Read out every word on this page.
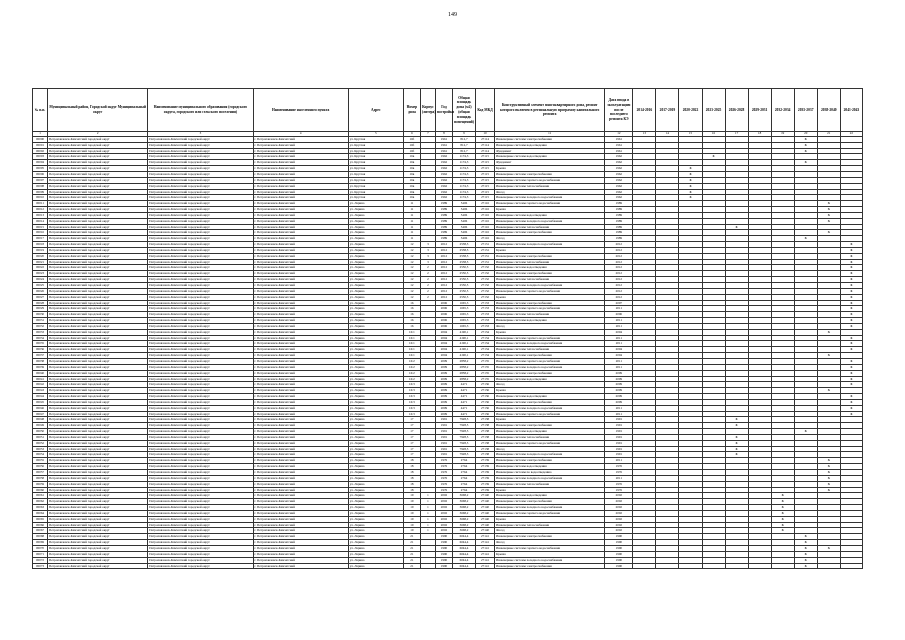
149
№ п.п.	Муниципальный район, Городской округ Муниципальный округ	Наименование муниципального образования (городского округа, городского или сельского поселения)	Наименование населенного пункта	Адрес	Номер дома	Корпус (литера)	Год постройки	Общая площадь дома (м2) (общая площадь помещений)	Код МКД	Конструктивный элемент многоквартирного дома, ремонт которого включен в региональную программу капитального ремонта	Дата ввода в эксплуатацию после последнего ремонта КЭ	2014-2016	2017-2019	2020-2022	2023-2025	2026-2028	2029-2031	2032-2034	2035-2037	2038-2040	2041-2043
1	2	3	4	5	6	7	8	9	10	11	12	13	14	15	16	17	18	19	20	21	22
00000	Петропавловск-Камчатский городской округ	Петропавловск-Камчатский городской округ	г. Петропавловск-Камчатский	ул. Круглая	16б		1961	812,7	27114	Инженерные системы электроснабжения	1961								X		
00001	Петропавловск-Камчатский городской округ	Петропавловск-Камчатский городской округ	г. Петропавловск-Камчатский	ул. Круглая	16б		1961	812,7	27114	Инженерные системы водоотведения	1961								X		
00002	Петропавловск-Камчатский городской округ	Петропавловск-Камчатский городской округ	г. Петропавловск-Камчатский	ул. Круглая	16б		1961	812,7	27114	Фундамент	1961								X		
00003	Петропавловск-Камчатский городской округ	Петропавловск-Камчатский городской округ	г. Петропавловск-Камчатский	ул. Круглая	16в		1962	1174,3	27115	Инженерные системы водоотведения	1962				X						
00004	Петропавловск-Камчатский городской округ	Петропавловск-Камчатский городской округ	г. Петропавловск-Камчатский	ул. Круглая	16в		1962	1174,3	27115	Фундамент	1962								X		
00005	Петропавловск-Камчатский городской округ	Петропавловск-Камчатский городской округ	г. Петропавловск-Камчатский	ул. Круглая	16в		1962	1174,3	27115	Крыша	1962			X							
00006	Петропавловск-Камчатский городской округ	Петропавловск-Камчатский городской округ	г. Петропавловск-Камчатский	ул. Круглая	16в		1962	1174,3	27115	Инженерные системы электроснабжения	1962			X							
00007	Петропавловск-Камчатский городской округ	Петропавловск-Камчатский городской округ	г. Петропавловск-Камчатский	ул. Круглая	16в		1962	1174,3	27115	Инженерные системы горячего водоснабжения	1962			X							
00008	Петропавловск-Камчатский городской округ	Петропавловск-Камчатский городской округ	г. Петропавловск-Камчатский	ул. Круглая	16в		1962	1174,3	27115	Инженерные системы теплоснабжения	1962			X							
00009	Петропавловск-Камчатский городской округ	Петропавловск-Камчатский городской округ	г. Петропавловск-Камчатский	ул. Круглая	16в		1962	1174,3	27115	Фасад	1962			X							
00010	Петропавловск-Камчатский городской округ	Петропавловск-Камчатский городской округ	г. Петропавловск-Камчатский	ул. Круглая	16в		1962	1174,3	27115	Инженерные системы холодного водоснабжения	1962			X							
00011	Петропавловск-Камчатский городской округ	Петропавловск-Камчатский городской округ	г. Петропавловск-Камчатский	ул. Ларина	11		1989	5406	27116	Инженерные системы горячего водоснабжения	1989									X	
00012	Петропавловск-Камчатский городской округ	Петропавловск-Камчатский городской округ	г. Петропавловск-Камчатский	ул. Ларина	11		1989	5406	27116	Крыша	1989									X	
00013	Петропавловск-Камчатский городской округ	Петропавловск-Камчатский городской округ	г. Петропавловск-Камчатский	ул. Ларина	11		1989	5406	27116	Инженерные системы водоотведения	1989									X	
00014	Петропавловск-Камчатский городской округ	Петропавловск-Камчатский городской округ	г. Петропавловск-Камчатский	ул. Ларина	11		1989	5406	27116	Инженерные системы холодного водоснабжения	1989									X	
00015	Петропавловск-Камчатский городской округ	Петропавловск-Камчатский городской округ	г. Петропавловск-Камчатский	ул. Ларина	11		1989	5406	27116	Инженерные системы теплоснабжения	1989					X					
00016	Петропавловск-Камчатский городской округ	Петропавловск-Камчатский городской округ	г. Петропавловск-Камчатский	ул. Ларина	11		1989	5406	27116	Инженерные системы электроснабжения	1989									X	
00017	Петропавловск-Камчатский городской округ	Петропавловск-Камчатский городской округ	г. Петропавловск-Камчатский	ул. Ларина	11		1989	5406	27116	Фасад	1989								X		
00018	Петропавловск-Камчатский городской округ	Петропавловск-Камчатский городской округ	г. Петропавловск-Камчатский	ул. Ларина	12	3	2012	2538,5	27131	Инженерные системы холодного водоснабжения	2012										X
00019	Петропавловск-Камчатский городской округ	Петропавловск-Камчатский городской округ	г. Петропавловск-Камчатский	ул. Ларина	12	3	2012	2538,5	27131	Крыша	2012										X
00020	Петропавловск-Камчатский городской округ	Петропавловск-Камчатский городской округ	г. Петропавловск-Камчатский	ул. Ларина	12	3	2012	2538,5	27131	Инженерные системы электроснабжения	2012										X
00021	Петропавловск-Камчатский городской округ	Петропавловск-Камчатский городской округ	г. Петропавловск-Камчатский	ул. Ларина	12	3	2012	2538,5	27131	Инженерные системы теплоснабжения	2012										X
00022	Петропавловск-Камчатский городской округ	Петропавловск-Камчатский городской округ	г. Петропавловск-Камчатский	ул. Ларина	12	2	2012	2550,5	27132	Инженерные системы водоотведения	2012										X
00023	Петропавловск-Камчатский городской округ	Петропавловск-Камчатский городской округ	г. Петропавловск-Камчатский	ул. Ларина	12	2	2012	2550,5	27132	Инженерные системы электроснабжения	2012										X
00024	Петропавловск-Камчатский городской округ	Петропавловск-Камчатский городской округ	г. Петропавловск-Камчатский	ул. Ларина	12	2	2012	2550,5	27132	Инженерные системы теплоснабжения	2012										X
00025	Петропавловск-Камчатский городской округ	Петропавловск-Камчатский городской округ	г. Петропавловск-Камчатский	ул. Ларина	12	2	2012	2550,5	27132	Инженерные системы холодного водоснабжения	2012										X
00026	Петропавловск-Камчатский городской округ	Петропавловск-Камчатский городской округ	г. Петропавловск-Камчатский	ул. Ларина	12	2	2012	2550,5	27132	Инженерные системы горячего водоснабжения	2012										X
00027	Петропавловск-Камчатский городской округ	Петропавловск-Камчатский городской округ	г. Петропавловск-Камчатский	ул. Ларина	12	2	2012	2550,5	27132	Крыша	2012										X
00028	Петропавловск-Камчатский городской округ	Петропавловск-Камчатский городской округ	г. Петропавловск-Камчатский	ул. Ларина	16		2006	1665,3	27133	Инженерные системы электроснабжения	2007										X
00029	Петропавловск-Камчатский городской округ	Петропавловск-Камчатский городской округ	г. Петропавловск-Камчатский	ул. Ларина	16		2006	1665,3	27133	Инженерные системы горячего водоснабжения	2011										X
00030	Петропавловск-Камчатский городской округ	Петропавловск-Камчатский городской округ	г. Петропавловск-Камчатский	ул. Ларина	16		2006	1665,3	27133	Инженерные системы теплоснабжения	2006										X
00031	Петропавловск-Камчатский городской округ	Петропавловск-Камчатский городской округ	г. Петропавловск-Камчатский	ул. Ларина	16		2006	1665,3	27133	Инженерные системы водоотведения	2011										X
00032	Петропавловск-Камчатский городской округ	Петропавловск-Камчатский городской округ	г. Петропавловск-Камчатский	ул. Ларина	16		2006	1665,3	27133	Фасад	2011										X
00033	Петропавловск-Камчатский городской округ	Петропавловск-Камчатский городской округ	г. Петропавловск-Камчатский	ул. Ларина	16/1		2004	4190,1	27134	Крыша	2004									X	
00034	Петропавловск-Камчатский городской округ	Петропавловск-Камчатский городской округ	г. Петропавловск-Камчатский	ул. Ларина	16/1		2004	4190,1	27134	Инженерные системы горячего водоснабжения	2011										X
00035	Петропавловск-Камчатский городской округ	Петропавловск-Камчатский городской округ	г. Петропавловск-Камчатский	ул. Ларина	16/1		2004	4190,1	27134	Инженерные системы холодного водоснабжения	2011										X
00036	Петропавловск-Камчатский городской округ	Петропавловск-Камчатский городской округ	г. Петропавловск-Камчатский	ул. Ларина	16/1		2004	4190,1	27134	Инженерные системы теплоснабжения	2004										X
00037	Петропавловск-Камчатский городской округ	Петропавловск-Камчатский городской округ	г. Петропавловск-Камчатский	ул. Ларина	16/1		2004	4190,1	27134	Инженерные системы электроснабжения	2004									X	
00038	Петропавловск-Камчатский городской округ	Петропавловск-Камчатский городской округ	г. Петропавловск-Камчатский	ул. Ларина	16/2		2009	2858,2	27135	Инженерные системы горячего водоснабжения	2011										X
00039	Петропавловск-Камчатский городской округ	Петропавловск-Камчатский городской округ	г. Петропавловск-Камчатский	ул. Ларина	16/2		2009	2858,2	27135	Инженерные системы холодного водоснабжения	2011										X
00040	Петропавловск-Камчатский городской округ	Петропавловск-Камчатский городской округ	г. Петропавловск-Камчатский	ул. Ларина	16/2		2009	2858,2	27135	Инженерные системы электроснабжения	2009										X
00041	Петропавловск-Камчатский городской округ	Петропавловск-Камчатский городской округ	г. Петропавловск-Камчатский	ул. Ларина	16/2		2009	2858,2	27135	Инженерные системы водоотведения	2009										X
00042	Петропавловск-Камчатский городской округ	Петропавловск-Камчатский городской округ	г. Петропавловск-Камчатский	ул. Ларина	16/3		2009	4471	27136	Фасад	2009										X
00043	Петропавловск-Камчатский городской округ	Петропавловск-Камчатский городской округ	г. Петропавловск-Камчатский	ул. Ларина	16/3		2009	4471	27136	Крыша	2009									X	
00044	Петропавловск-Камчатский городской округ	Петропавловск-Камчатский городской округ	г. Петропавловск-Камчатский	ул. Ларина	16/3		2009	4471	27136	Инженерные системы водоотведения	2009										X
00045	Петропавловск-Камчатский городской округ	Петропавловск-Камчатский городской округ	г. Петропавловск-Камчатский	ул. Ларина	16/3		2009	4471	27136	Инженерные системы электроснабжения	2009										X
00046	Петропавловск-Камчатский городской округ	Петропавловск-Камчатский городской округ	г. Петропавловск-Камчатский	ул. Ларина	16/3		2009	4471	27136	Инженерные системы холодного водоснабжения	2011										X
00047	Петропавловск-Камчатский городской округ	Петропавловск-Камчатский городской округ	г. Петропавловск-Камчатский	ул. Ларина	16/3		2009	4471	27136	Инженерные системы горячего водоснабжения	2011										X
00048	Петропавловск-Камчатский городской округ	Петропавловск-Камчатский городской округ	г. Петропавловск-Камчатский	ул. Ларина	17		1991	7928,5	27138	Крыша	1991					X					
00049	Петропавловск-Камчатский городской округ	Петропавловск-Камчатский городской округ	г. Петропавловск-Камчатский	ул. Ларина	17		1991	7928,5	27138	Инженерные системы электроснабжения	1991					X					
00050	Петропавловск-Камчатский городской округ	Петропавловск-Камчатский городской округ	г. Петропавловск-Камчатский	ул. Ларина	17		1991	7928,5	27138	Инженерные системы водоотведения	1991								X		
00051	Петропавловск-Камчатский городской округ	Петропавловск-Камчатский городской округ	г. Петропавловск-Камчатский	ул. Ларина	17		1991	7928,5	27138	Инженерные системы теплоснабжения	1991					X					
00052	Петропавловск-Камчатский городской округ	Петропавловск-Камчатский городской округ	г. Петропавловск-Камчатский	ул. Ларина	17		1991	7928,5	27138	Инженерные системы горячего водоснабжения	1991					X					
00053	Петропавловск-Камчатский городской округ	Петропавловск-Камчатский городской округ	г. Петропавловск-Камчатский	ул. Ларина	17		1991	7928,5	27138	Фасад	1991					X					
00054	Петропавловск-Камчатский городской округ	Петропавловск-Камчатский городской округ	г. Петропавловск-Камчатский	ул. Ларина	17		1991	7928,5	27138	Инженерные системы холодного водоснабжения	1991					X					
00055	Петропавловск-Камчатский городской округ	Петропавловск-Камчатский городской округ	г. Петропавловск-Камчатский	ул. Ларина	18		1976	2764	27139	Инженерные системы электроснабжения	2011									X	
00056	Петропавловск-Камчатский городской округ	Петропавловск-Камчатский городской округ	г. Петропавловск-Камчатский	ул. Ларина	18		1976	2764	27139	Инженерные системы водоотведения	1976									X	
00057	Петропавловск-Камчатский городской округ	Петропавловск-Камчатский городской округ	г. Петропавловск-Камчатский	ул. Ларина	18		1976	2764	27139	Инженерные системы по водоотведению	1976									X	
00058	Петропавловск-Камчатский городской округ	Петропавловск-Камчатский городской округ	г. Петропавловск-Камчатский	ул. Ларина	18		1976	2764	27139	Инженерные системы холодного водоснабжения	2011									X	
00059	Петропавловск-Камчатский городской округ	Петропавловск-Камчатский городской округ	г. Петропавловск-Камчатский	ул. Ларина	18		1976	2764	27139	Инженерные системы теплоснабжения	1976									X	
00060	Петропавловск-Камчатский городской округ	Петропавловск-Камчатский городской округ	г. Петропавловск-Камчатский	ул. Ларина	18		1976	2764	27139	Крыша	1976									X	
00061	Петропавловск-Камчатский городской округ	Петропавловск-Камчатский городской округ	г. Петропавловск-Камчатский	ул. Ларина	19	1	2002	3668,2	27140	Инженерные системы водоотведения	2002							X			
00062	Петропавловск-Камчатский городской округ	Петропавловск-Камчатский городской округ	г. Петропавловск-Камчатский	ул. Ларина	19	1	2002	3668,2	27140	Инженерные системы электроснабжения	2002							X			
00063	Петропавловск-Камчатский городской округ	Петропавловск-Камчатский городской округ	г. Петропавловск-Камчатский	ул. Ларина	19	1	2002	3668,2	27140	Инженерные системы холодного водоснабжения	2002							X			
00064	Петропавловск-Камчатский городской округ	Петропавловск-Камчатский городской округ	г. Петропавловск-Камчатский	ул. Ларина	19	1	2002	3668,2	27140	Инженерные системы горячего водоснабжения	2002							X			
00065	Петропавловск-Камчатский городской округ	Петропавловск-Камчатский городской округ	г. Петропавловск-Камчатский	ул. Ларина	19	1	2002	3668,2	27140	Крыша	2002							X			
00066	Петропавловск-Камчатский городской округ	Петропавловск-Камчатский городской округ	г. Петропавловск-Камчатский	ул. Ларина	19	1	2002	3668,2	27140	Инженерные системы теплоснабжения	2002							X			
00067	Петропавловск-Камчатский городской округ	Петропавловск-Камчатский городской округ	г. Петропавловск-Камчатский	ул. Ларина	19	1	2002	3668,2	27140	Фасад	2002							X			
00068	Петропавловск-Камчатский городской округ	Петропавловск-Камчатский городской округ	г. Петропавловск-Камчатский	ул. Ларина	21		1990	6044,4	27141	Инженерные системы электроснабжения	1990								X		
00069	Петропавловск-Камчатский городской округ	Петропавловск-Камчатский городской округ	г. Петропавловск-Камчатский	ул. Ларина	21		1990	6044,4	27141	Фасад	1990								X		
00070	Петропавловск-Камчатский городской округ	Петропавловск-Камчатский городской округ	г. Петропавловск-Камчатский	ул. Ларина	21		1990	6044,4	27141	Инженерные системы горячего водоснабжения	1990								X	X	
00071	Петропавловск-Камчатский городской округ	Петропавловск-Камчатский городской округ	г. Петропавловск-Камчатский	ул. Ларина	21		1990	6044,4	27141	Крыша	1990								X		
00072	Петропавловск-Камчатский городской округ	Петропавловск-Камчатский городской округ	г. Петропавловск-Камчатский	ул. Ларина	21		1990	6044,4	27141	Инженерные системы холодного водоснабжения	1990								X		
00073	Петропавловск-Камчатский городской округ	Петропавловск-Камчатский городской округ	г. Петропавловск-Камчатский	ул. Ларина	21		1990	6044,4	27141	Инженерные системы электроснабжения	1990								X		
